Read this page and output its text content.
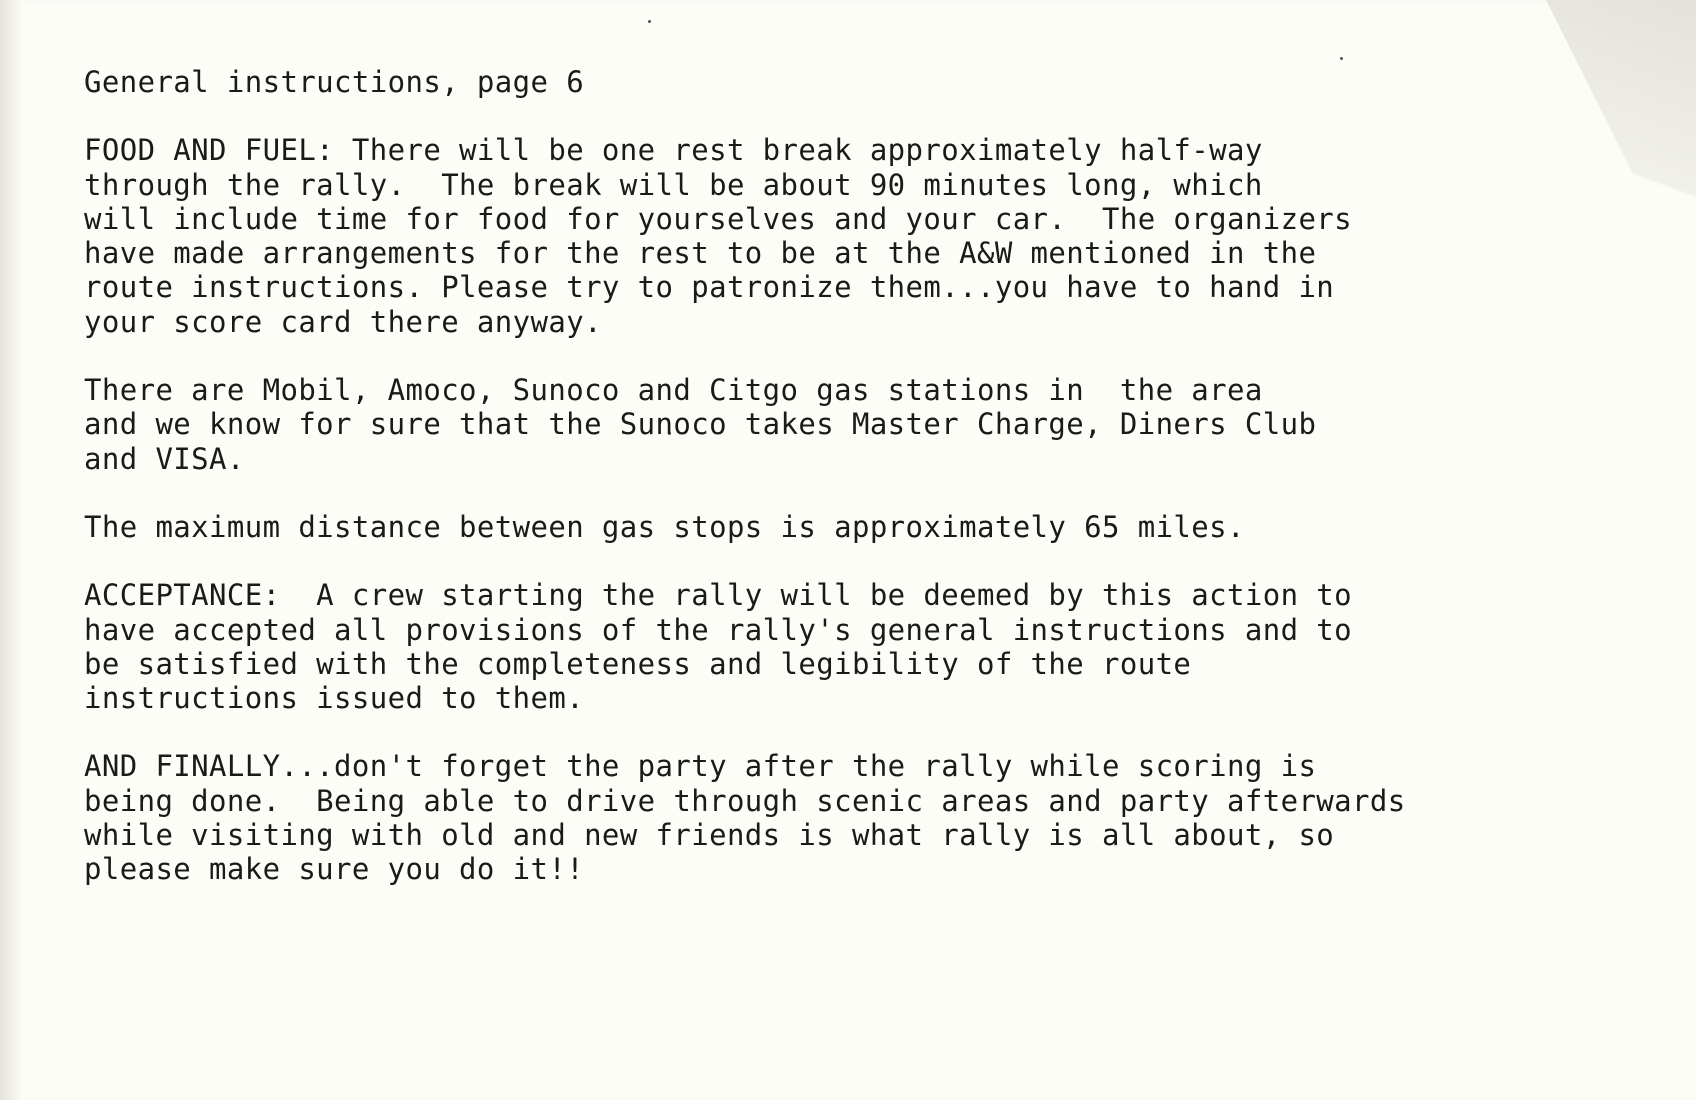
General instructions, page 6

FOOD AND FUEL: There will be one rest break approximately half-way

through the rally.  The break will be about 90 minutes long, which

will include time for food for yourselves and your car.  The organizers

have made arrangements for the rest to be at the A&W mentioned in the

route instructions. Please try to patronize them...you have to hand in

your score card there anyway.

There are Mobil, Amoco, Sunoco and Citgo gas stations in  the area

and we know for sure that the Sunoco takes Master Charge, Diners Club

and VISA.

The maximum distance between gas stops is approximately 65 miles.

ACCEPTANCE:  A crew starting the rally will be deemed by this action to

have accepted all provisions of the rally's general instructions and to

be satisfied with the completeness and legibility of the route

instructions issued to them.

AND FINALLY...don't forget the party after the rally while scoring is

being done.  Being able to drive through scenic areas and party afterwards

while visiting with old and new friends is what rally is all about, so

please make sure you do it!!
